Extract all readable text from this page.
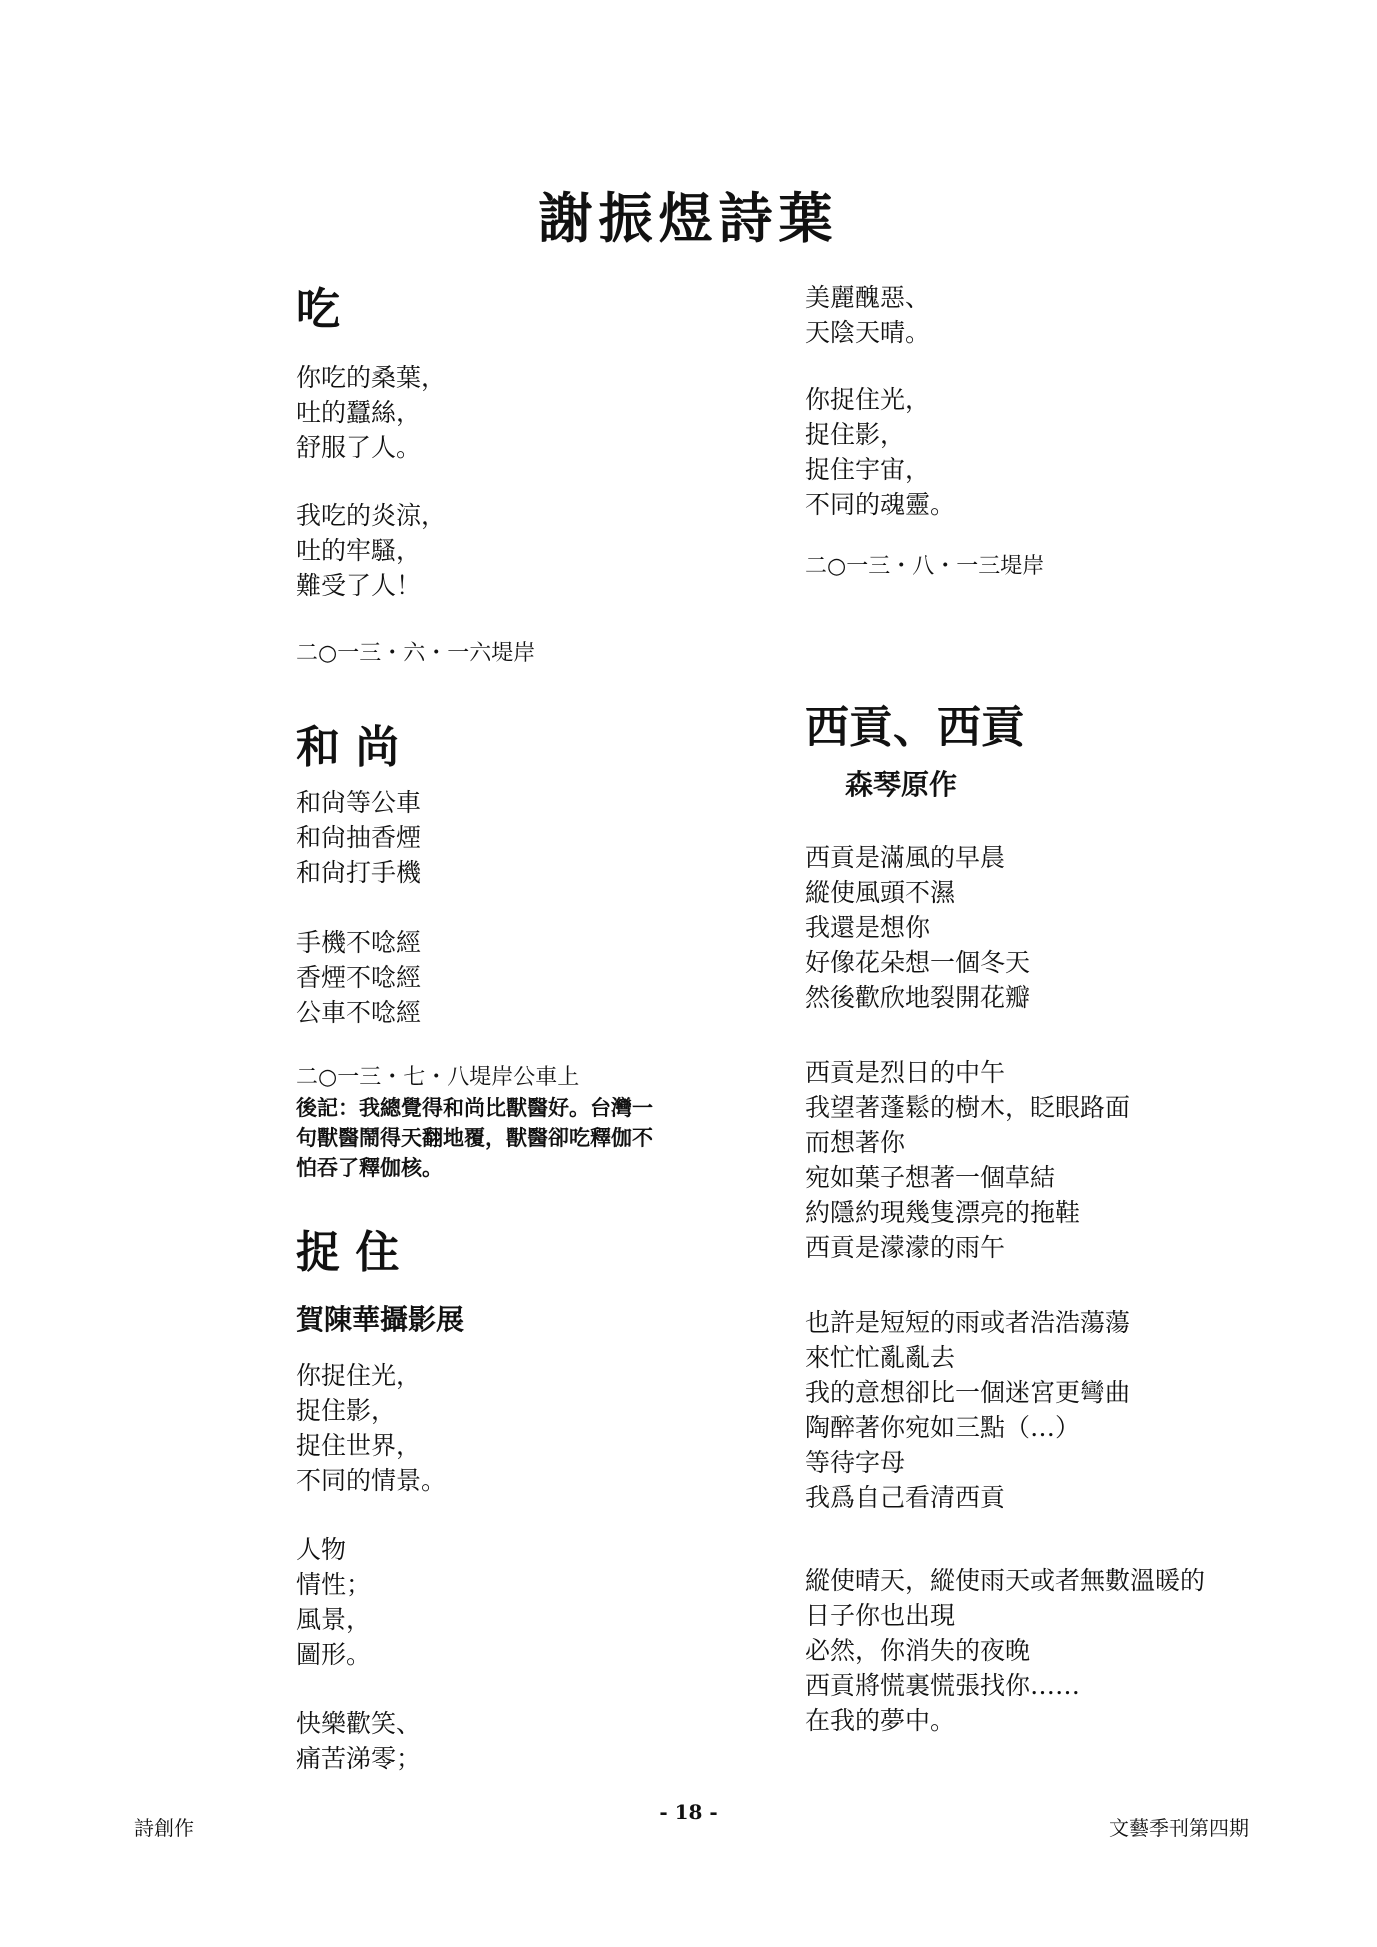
謝振煜詩葉
吃
你吃的桑葉，
吐的蠶絲，
舒服了人。
我吃的炎涼，
吐的牢騷，
難受了人！
二○一三・六・一六堤岸
和 尚
和尙等公車
和尙抽香煙
和尙打手機
手機不唸經
香煙不唸經
公車不唸經
二○一三・七・八堤岸公車上
後記：我總覺得和尚比獸醫好。台灣一句獸醫鬧得天翻地覆，獸醫卻吃釋伽不怕吞了釋伽核。
捉 住
賀陳華攝影展
你捉住光，
捉住影，
捉住世界，
不同的情景。
人物
情性；
風景，
圖形。
快樂歡笑、
痛苦涕零；
美麗醜惡、
天陰天晴。
你捉住光，
捉住影，
捉住宇宙，
不同的魂靈。
二○一三・八・一三堤岸
西貢、西貢
森琴原作
西貢是滿風的早晨
縱使風頭不濕
我還是想你
好像花朵想一個冬天
然後歡欣地裂開花瓣
西貢是烈日的中午
我望著蓬鬆的樹木，眨眼路面
而想著你
宛如葉子想著一個草結
約隱約現幾隻漂亮的拖鞋
西貢是濛濛的雨午
也許是短短的雨或者浩浩蕩蕩
來忙忙亂亂去
我的意想卻比一個迷宮更彎曲
陶醉著你宛如三點（…）
等待字母
我爲自己看清西貢
縱使晴天，縱使雨天或者無數溫暖的
日子你也出現
必然，你消失的夜晚
西貢將慌裏慌張找你……
在我的夢中。
詩創作
- 18 -
文藝季刊第四期
